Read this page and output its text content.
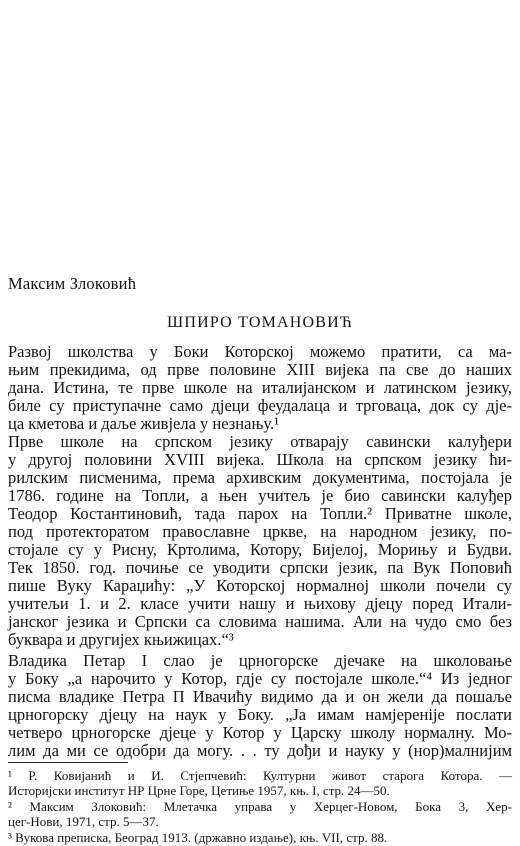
Максим Злоковић
ШПИРО ТОМАНОВИЋ
Развој школства у Боки Которској можемо пратити, са ма-
њим прекидима, од прве половине XIII вијека па све до наших
дана. Истина, те прве школе на италијанском и латинском језику,
биле су приступачне само дјеци феудалаца и трговаца, док су дје-
ца кметова и даље живјела у незнању.¹
Прве школе на српском језику отварају савински калуђери
у другој половини XVIII вијека. Школа на српском језику ћи-
рилским писменима, према архивским документима, постојала је
1786. године на Топли, а њен учитељ је био савински калуђер
Теодор Костантиновић, тада парох на Топли.² Приватне школе,
под протекторатом православне цркве, на народном језику, по-
стојале су у Рисну, Кртолима, Котору, Бијелој, Морињу и Будви.
Тек 1850. год. почиње се уводити српски језик, па Вук Поповић
пише Вуку Караџићу: „У Которској нормалној школи почели су
учитељи 1. и 2. класе учити нашу и њихову дјецу поред Итали-
јанског језика и Српски са словима нашима. Али на чудо смо без
буквара и другијех књижицах.“³
Владика Петар I слао је црногорске дјечаке на школовање
у Боку „а нарочито у Котор, гдје су постојале школе.“⁴ Из једног
писма владике Петра П Ивачићу видимо да и он жели да пошаље
црногорску дјецу на наук у Боку. „Ја имам намјеренiје послати
четверо црногорске дјеце у Котор у Царску школу нормалну. Мо-
лим да ми се одобри да могу. . . ту дођи и науку у (нор)малнијим
¹ Р. Ковијанић и И. Стјепчевић: Културни живот старога Котора. —
Историјски институт НР Црне Горе, Цетиње 1957, књ. I, стр. 24—50.
² Максим Злоковић: Млетачка управа у Херцег-Новом, Бока 3, Хер-
цег-Нови, 1971, стр. 5—37.
³ Вукова преписка, Београд 1913. (државно издање), књ. VII, стр. 88.
